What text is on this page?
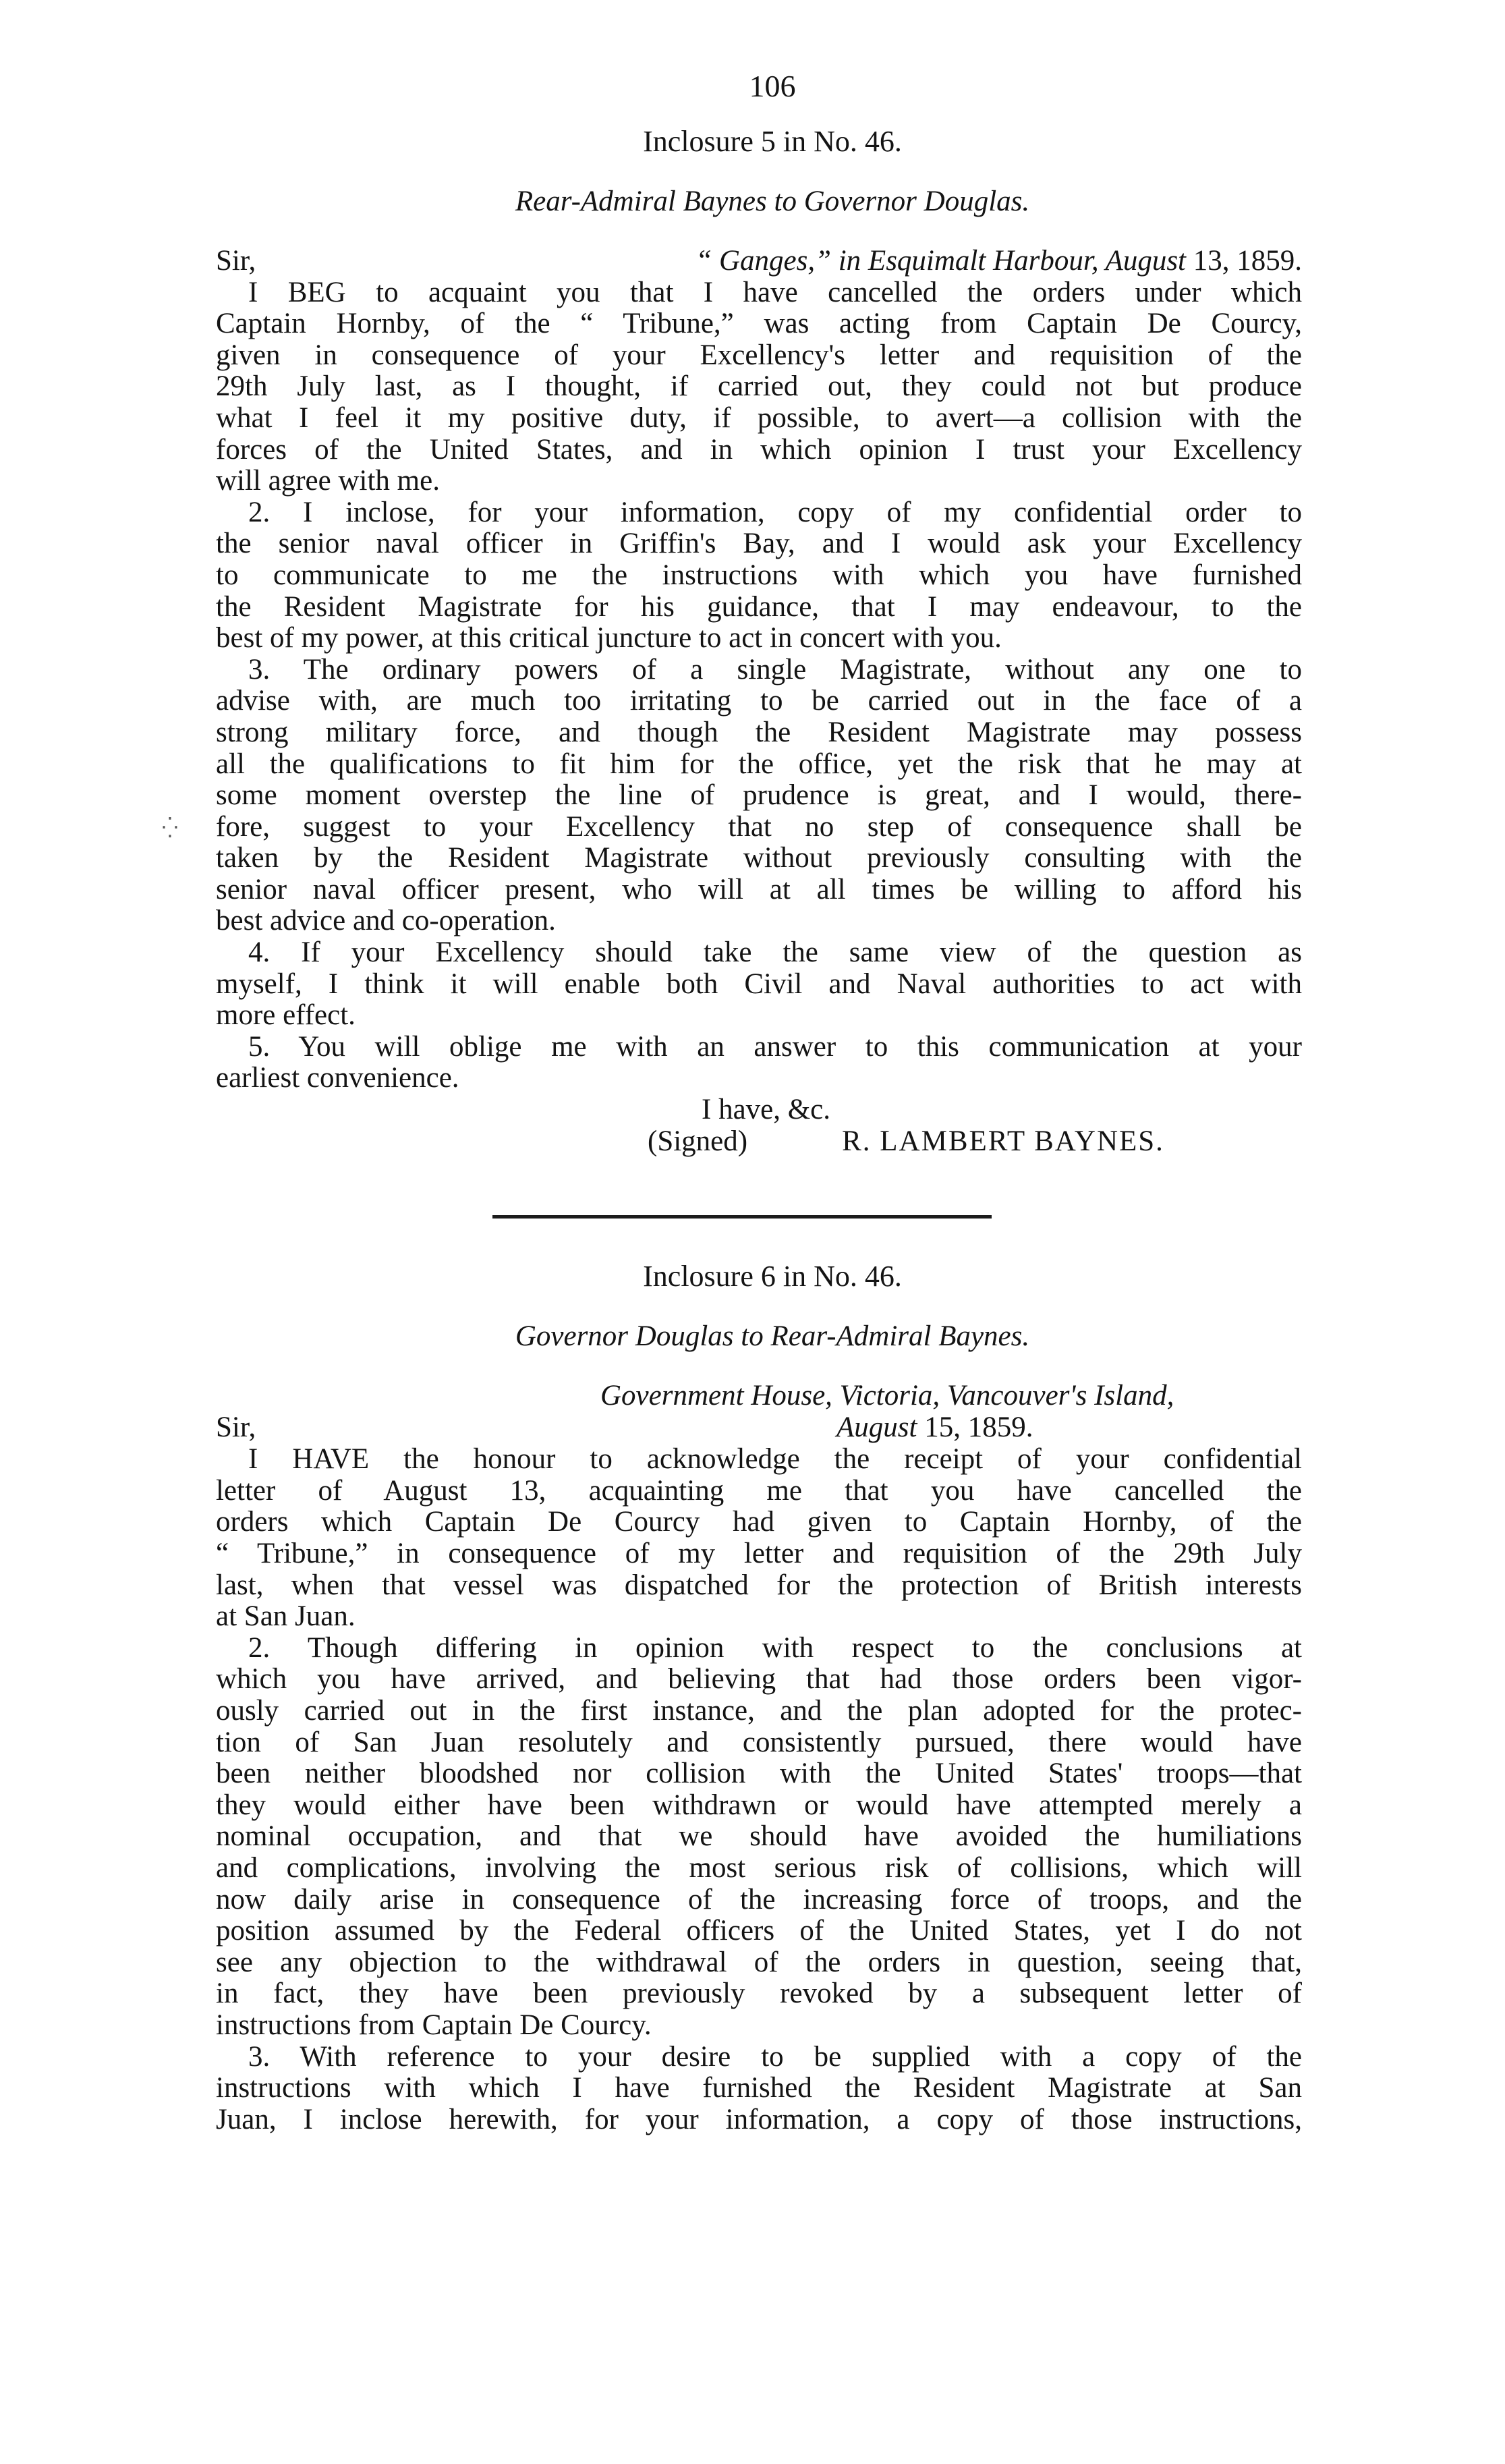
106
Inclosure 5 in No. 46.
Rear-Admiral Baynes to Governor Douglas.
Sir,	“ Ganges,” in Esquimalt Harbour, August 13, 1859.
I BEG to acquaint you that I have cancelled the orders under which
Captain Hornby, of the “ Tribune,” was acting from Captain De Courcy,
given in consequence of your Excellency's letter and requisition of the
29th July last, as I thought, if carried out, they could not but produce
what I feel it my positive duty, if possible, to avert—a collision with the
forces of the United States, and in which opinion I trust your Excellency
will agree with me.
2. I inclose, for your information, copy of my confidential order to
the senior naval officer in Griffin's Bay, and I would ask your Excellency
to communicate to me the instructions with which you have furnished
the Resident Magistrate for his guidance, that I may endeavour, to the
best of my power, at this critical juncture to act in concert with you.
3. The ordinary powers of a single Magistrate, without any one to
advise with, are much too irritating to be carried out in the face of a
strong military force, and though the Resident Magistrate may possess
all the qualifications to fit him for the office, yet the risk that he may at
some moment overstep the line of prudence is great, and I would, there-
fore, suggest to your Excellency that no step of consequence shall be
taken by the Resident Magistrate without previously consulting with the
senior naval officer present, who will at all times be willing to afford his
best advice and co-operation.
4. If your Excellency should take the same view of the question as
myself, I think it will enable both Civil and Naval authorities to act with
more effect.
5. You will oblige me with an answer to this communication at your
earliest convenience.
I have, &c.
(Signed)	R. LAMBERT BAYNES.
Inclosure 6 in No. 46.
Governor Douglas to Rear-Admiral Baynes.
Government House, Victoria, Vancouver's Island,
Sir,	August 15, 1859.
I HAVE the honour to acknowledge the receipt of your confidential
letter of August 13, acquainting me that you have cancelled the
orders which Captain De Courcy had given to Captain Hornby, of the
“ Tribune,” in consequence of my letter and requisition of the 29th July
last, when that vessel was dispatched for the protection of British interests
at San Juan.
2. Though differing in opinion with respect to the conclusions at
which you have arrived, and believing that had those orders been vigor-
ously carried out in the first instance, and the plan adopted for the protec-
tion of San Juan resolutely and consistently pursued, there would have
been neither bloodshed nor collision with the United States' troops—that
they would either have been withdrawn or would have attempted merely a
nominal occupation, and that we should have avoided the humiliations
and complications, involving the most serious risk of collisions, which will
now daily arise in consequence of the increasing force of troops, and the
position assumed by the Federal officers of the United States, yet I do not
see any objection to the withdrawal of the orders in question, seeing that,
in fact, they have been previously revoked by a subsequent letter of
instructions from Captain De Courcy.
3. With reference to your desire to be supplied with a copy of the
instructions with which I have furnished the Resident Magistrate at San
Juan, I inclose herewith, for your information, a copy of those instructions,
⁛
